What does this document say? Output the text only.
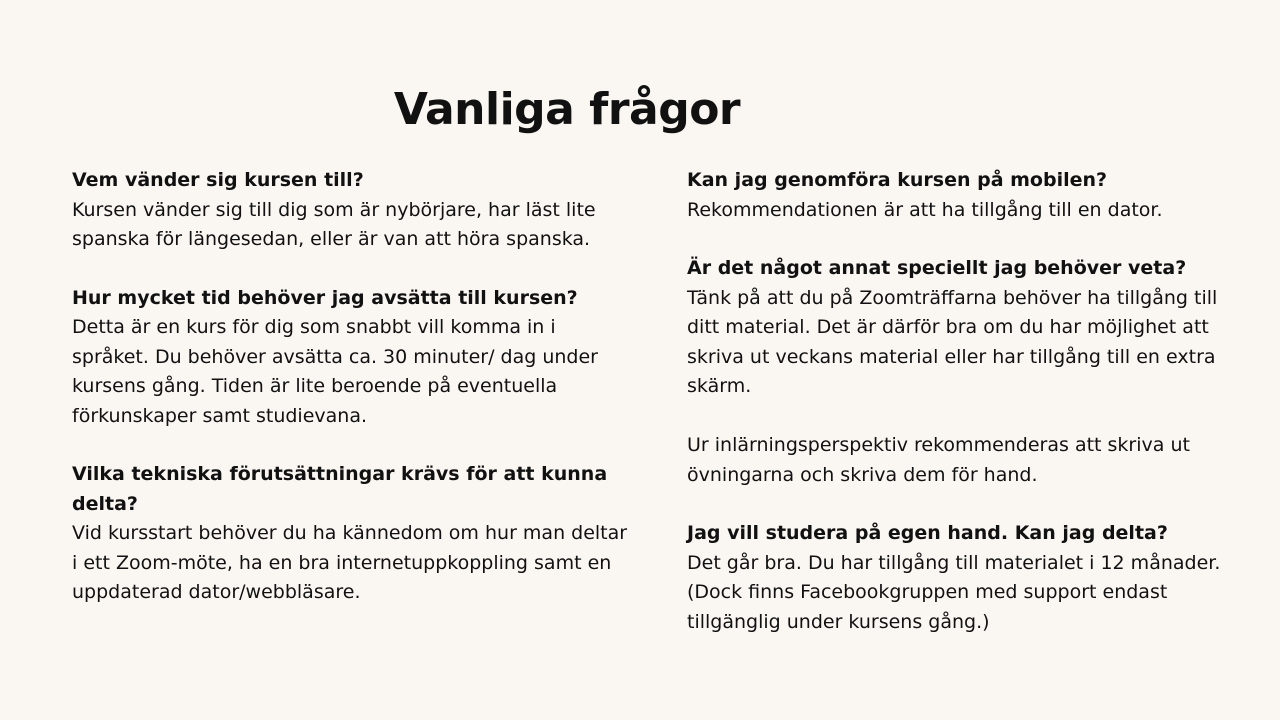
Vanliga frågor

Vem vänder sig kursen till?

Kursen vänder sig till dig som är nybörjare, har läst lite spanska för längesedan, eller är van att höra spanska.

Hur mycket tid behöver jag avsätta till kursen?

Detta är en kurs för dig som snabbt vill komma in i språket. Du behöver avsätta ca. 30 minuter/ dag under kursens gång. Tiden är lite beroende på eventuella förkunskaper samt studievana.

Vilka tekniska förutsättningar krävs för att kunna delta?

Vid kursstart behöver du ha kännedom om hur man deltar i ett Zoom-möte, ha en bra internetuppkoppling samt en uppdaterad dator/webbläsare.

Kan jag genomföra kursen på mobilen?

Rekommendationen är att ha tillgång till en dator.

Är det något annat speciellt jag behöver veta?

Tänk på att du på Zoomträffarna behöver ha tillgång till ditt material. Det är därför bra om du har möjlighet att skriva ut veckans material eller har tillgång till en extra skärm.

Ur inlärningsperspektiv rekommenderas att skriva ut övningarna och skriva dem för hand.

Jag vill studera på egen hand. Kan jag delta?

Det går bra. Du har tillgång till materialet i 12 månader. (Dock finns Facebookgruppen med support endast tillgänglig under kursens gång.)
